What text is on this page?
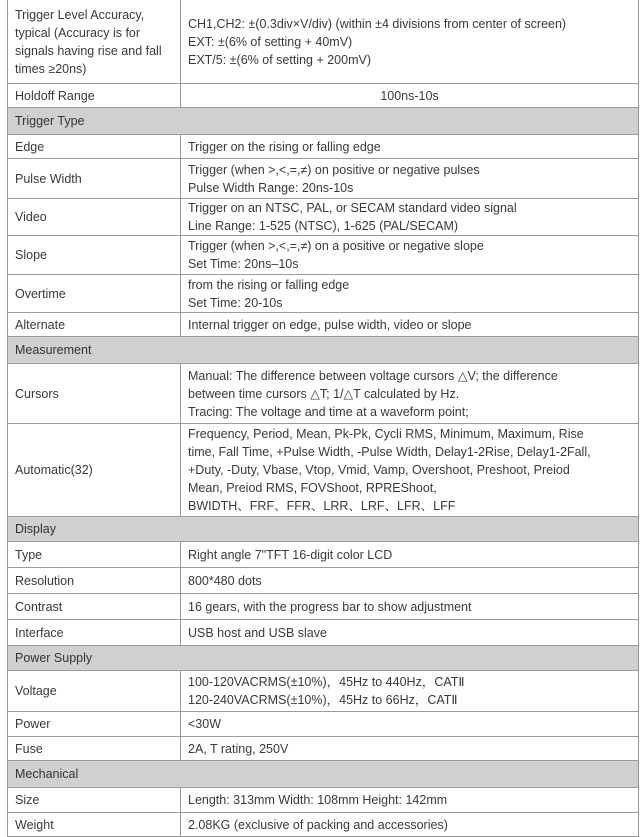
Trigger Level Accuracy,
typical (Accuracy is for
signals having rise and fall
times ≥20ns)	CH1,CH2: ±(0.3div×V/div) (within ±4 divisions from center of screen)
EXT: ±(6% of setting + 40mV)
EXT/5: ±(6% of setting + 200mV)
Holdoff Range	100ns-10s
Trigger Type	
Edge	Trigger on the rising or falling edge
Pulse Width	Trigger (when >,<,=,≠) on positive or negative pulses
Pulse Width Range: 20ns-10s
Video	Trigger on an NTSC, PAL, or SECAM standard video signal
Line Range: 1-525 (NTSC), 1-625 (PAL/SECAM)
Slope	Trigger (when >,<,=,≠) on a positive or negative slope
Set Time: 20ns–10s
Overtime	from the rising or falling edge
Set Time: 20-10s
Alternate	Internal trigger on edge, pulse width, video or slope
Measurement	
Cursors	Manual: The difference between voltage cursors △V; the difference
between time cursors △T; 1/△T calculated by Hz.
Tracing: The voltage and time at a waveform point;
Automatic(32)	Frequency, Period, Mean, Pk-Pk, Cycli RMS, Minimum, Maximum, Rise
time, Fall Time, +Pulse Width, -Pulse Width, Delay1-2Rise, Delay1-2Fall,
+Duty, -Duty, Vbase, Vtop, Vmid, Vamp, Overshoot, Preshoot, Preiod
Mean, Preiod RMS, FOVShoot, RPREShoot,
BWIDTH、FRF、FFR、LRR、LRF、LFR、LFF
Display	
Type	Right angle 7"TFT 16-digit color LCD
Resolution	800*480 dots
Contrast	16 gears, with the progress bar to show adjustment
Interface	USB host and USB slave
Power Supply	
Voltage	100-120VACRMS(±10%)，45Hz to 440Hz，CATⅡ
120-240VACRMS(±10%)，45Hz to 66Hz，CATⅡ
Power	<30W
Fuse	2A, T rating, 250V
Mechanical	
Size	Length: 313mm Width: 108mm Height: 142mm
Weight	2.08KG (exclusive of packing and accessories)
